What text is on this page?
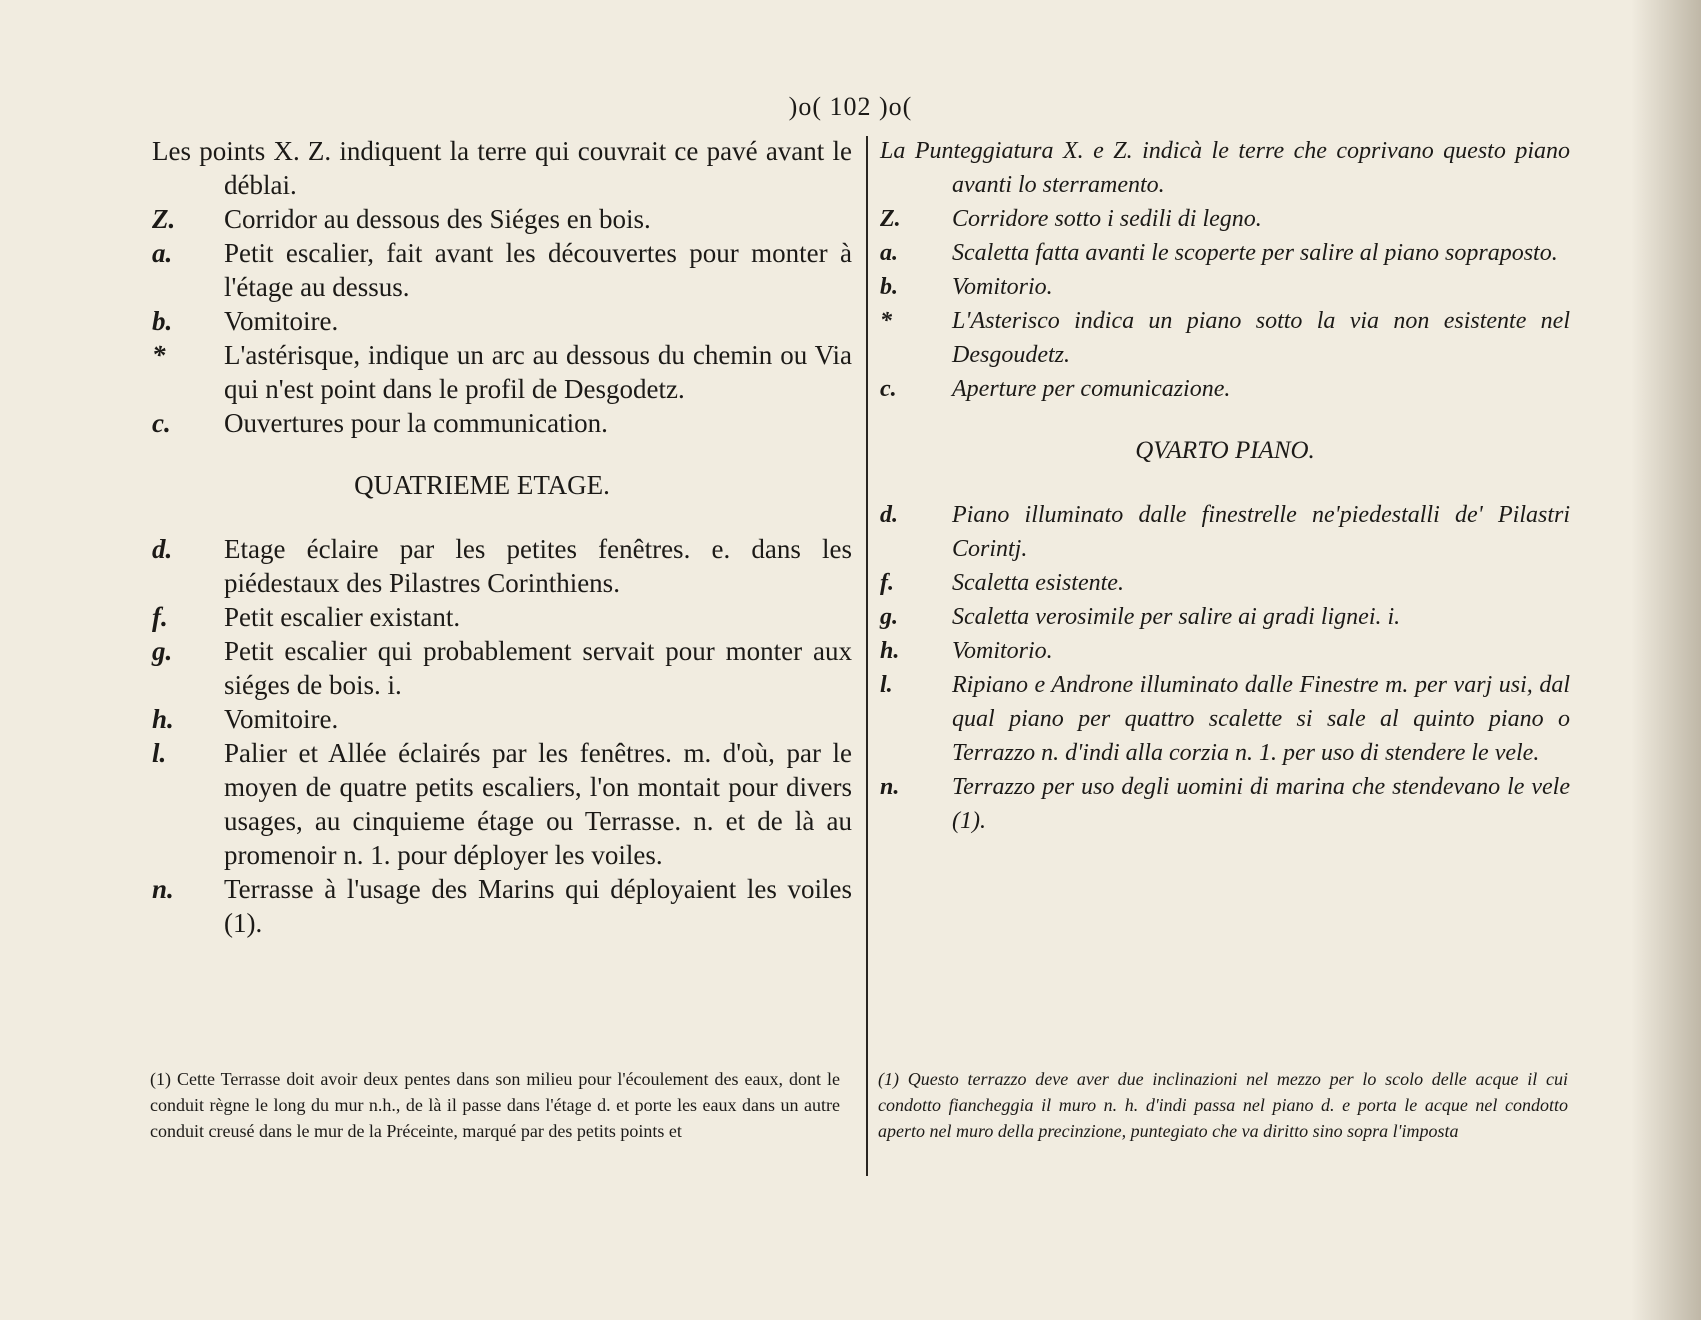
)o( 102 )o(
Les points X. Z. indiquent la terre qui couvrait ce pavé avant le déblai.
Z. Corridor au dessous des Siéges en bois.
a. Petit escalier, fait avant les découvertes pour monter à l'étage au dessus.
b. Vomitoire.
* L'astérisque, indique un arc au dessous du chemin ou Via qui n'est point dans le profil de Desgodetz.
c. Ouvertures pour la communication.
QUATRIEME ETAGE.
d. Etage éclaire par les petites fenêtres. e. dans les piédestaux des Pilastres Corinthiens.
f. Petit escalier existant.
g. Petit escalier qui probablement servait pour monter aux siéges de bois. i.
h. Vomitoire.
l. Palier et Allée éclairés par les fenêtres. m. d'où, par le moyen de quatre petits escaliers, l'on montait pour divers usages, au cinquieme étage ou Terrasse. n. et de là au promenoir n. 1. pour déployer les voiles.
n. Terrasse à l'usage des Marins qui déployaient les voiles (1).
La Punteggiatura X. e Z. indicà le terre che coprivano questo piano avanti lo sterramento.
Z. Corridore sotto i sedili di legno.
a. Scaletta fatta avanti le scoperte per salire al piano sopraposto.
b. Vomitorio.
*	L'Asterisco indica un piano sotto la via non esistente nel Desgoudetz.
c. Aperture per comunicazione.
QVARTO PIANO.
d. Piano illuminato dalle finestrelle ne'piedestalli de' Pilastri Corintj.
f. Scaletta esistente.
g. Scaletta verosimile per salire ai gradi lignei. i.
h. Vomitorio.
l. Ripiano e Androne illuminato dalle Finestre m. per varj usi, dal qual piano per quattro scalette si sale al quinto piano o Terrazzo n. d'indi alla corzia n. 1. per uso di stendere le vele.
n. Terrazzo per uso degli uomini di marina che stendevano le vele (1).
(1) Cette Terrasse doit avoir deux pentes dans son milieu pour l'écoulement des eaux, dont le conduit règne le long du mur n.h., de là il passe dans l'étage d. et porte les eaux dans un autre conduit creusé dans le mur de la Préceinte, marqué par des petits points et
(1) Questo terrazzo deve aver due inclinazioni nel mezzo per lo scolo delle acque il cui condotto fiancheggia il muro n. h. d'indi passa nel piano d. e porta le acque nel condotto aperto nel muro della precinzione, puntegiato che va diritto sino sopra l'imposta
